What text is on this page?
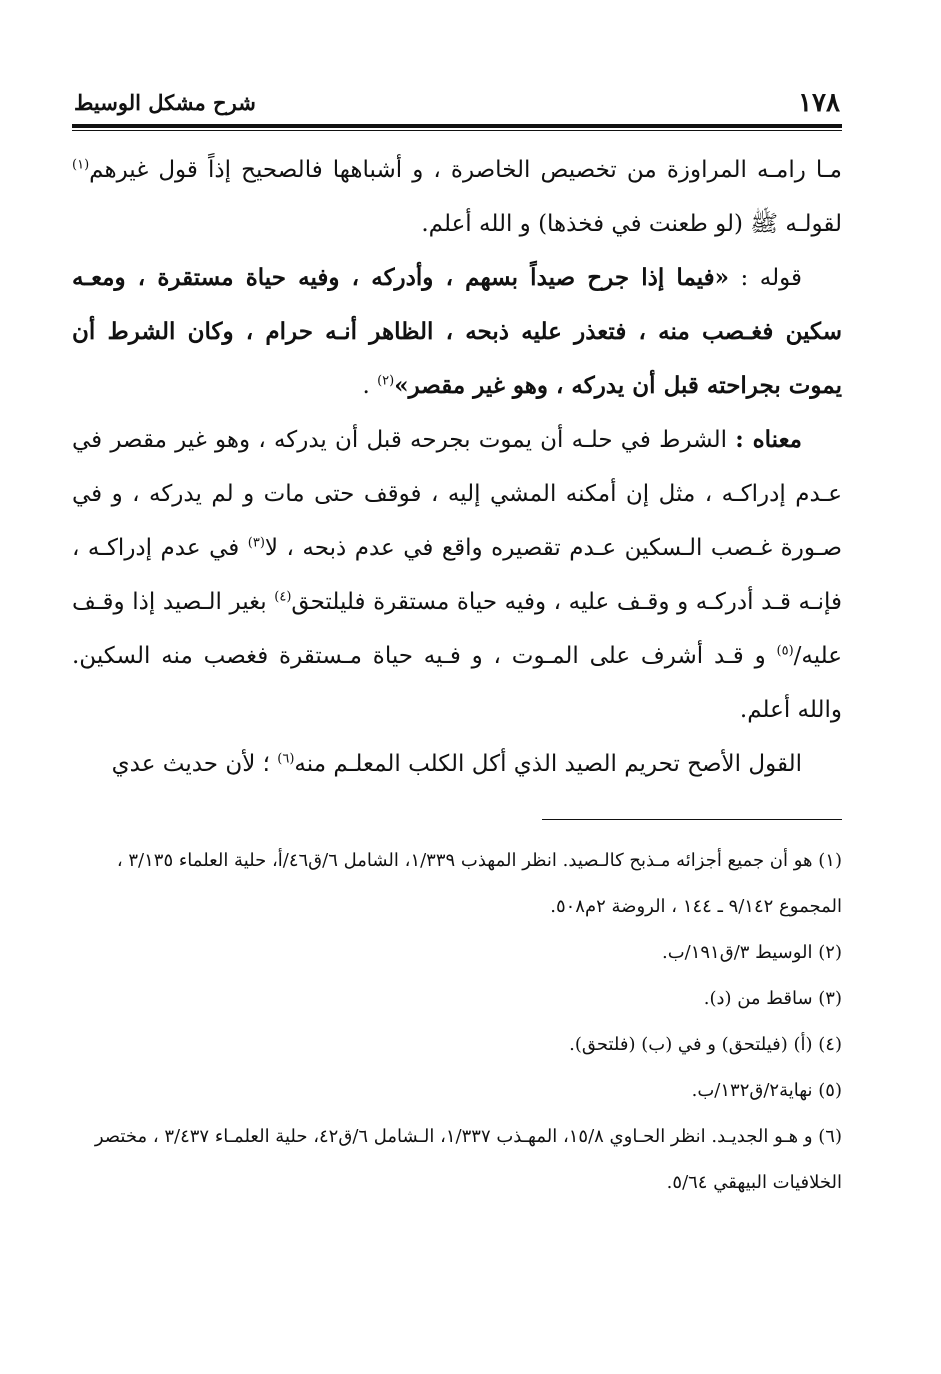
١٧٨
شرح مشكل الوسيط

مـا رامـه المراوزة من تخصيص الخاصرة ، و أشباهها فالصحيح إذاً قول غيرهم$^{(١)}$ لقولـه ﷺ (لو طعنت في فخذها) و الله أعلم.

قوله : «فيما إذا جرح صيداً بسهم ، وأدركه ، وفيه حياة مستقرة ، ومعـه سكين فغـصب منه ، فتعذر عليه ذبحه ، الظاهر أنـه حرام ، وكان الشرط أن يموت بجراحته قبل أن يدركه ، وهو غير مقصر»$^{(٢)}$ .

معناه : الشرط في حلـه أن يموت بجرحه قبل أن يدركه ، وهو غير مقصر في عـدم إدراكـه ، مثل إن أمكنه المشي إليه ، فوقف حتى مات و لم يدركه ، و في صـورة غـصب الـسكين عـدم تقصيره واقع في عدم ذبحه ، لا$^{(٣)}$ في عدم إدراكـه ، فإنـه قـد أدركـه و وقـف عليه ، وفيه حياة مستقرة فليلتحق$^{(٤)}$ بغير الـصيد إذا وقـف عليه/$^{(٥)}$ و قـد أشرف على المـوت ، و فـيه حياة مـستقرة فغصب منه السكين. والله أعلم.

القول الأصح تحريم الصيد الذي أكل الكلب المعلـم منه$^{(٦)}$ ؛ لأن حديث عدي

(١) هو أن جميع أجزائه مـذبح كالـصيد. انظر المهذب ١/٣٣٩، الشامل ٦/ق٤٦/أ، حلية العلماء ٣/١٣٥ ، المجموع ٩/١٤٢ ـ ١٤٤ ، الروضة ٢م٥٠٨.

(٢) الوسيط ٣/ق١٩١/ب.

(٣) ساقط من (د).

(٤) (أ) (فيلتحق) و في (ب) (فلتحق).

(٥) نهاية٢/ق١٣٢/ب.

(٦) و هـو الجديـد. انظر الحـاوي ١٥/٨، المهـذب ١/٣٣٧، الـشامل ٦/ق٤٢، حلية العلمـاء ٣/٤٣٧ ، مختصر الخلافيات البيهقي ٥/٦٤.
